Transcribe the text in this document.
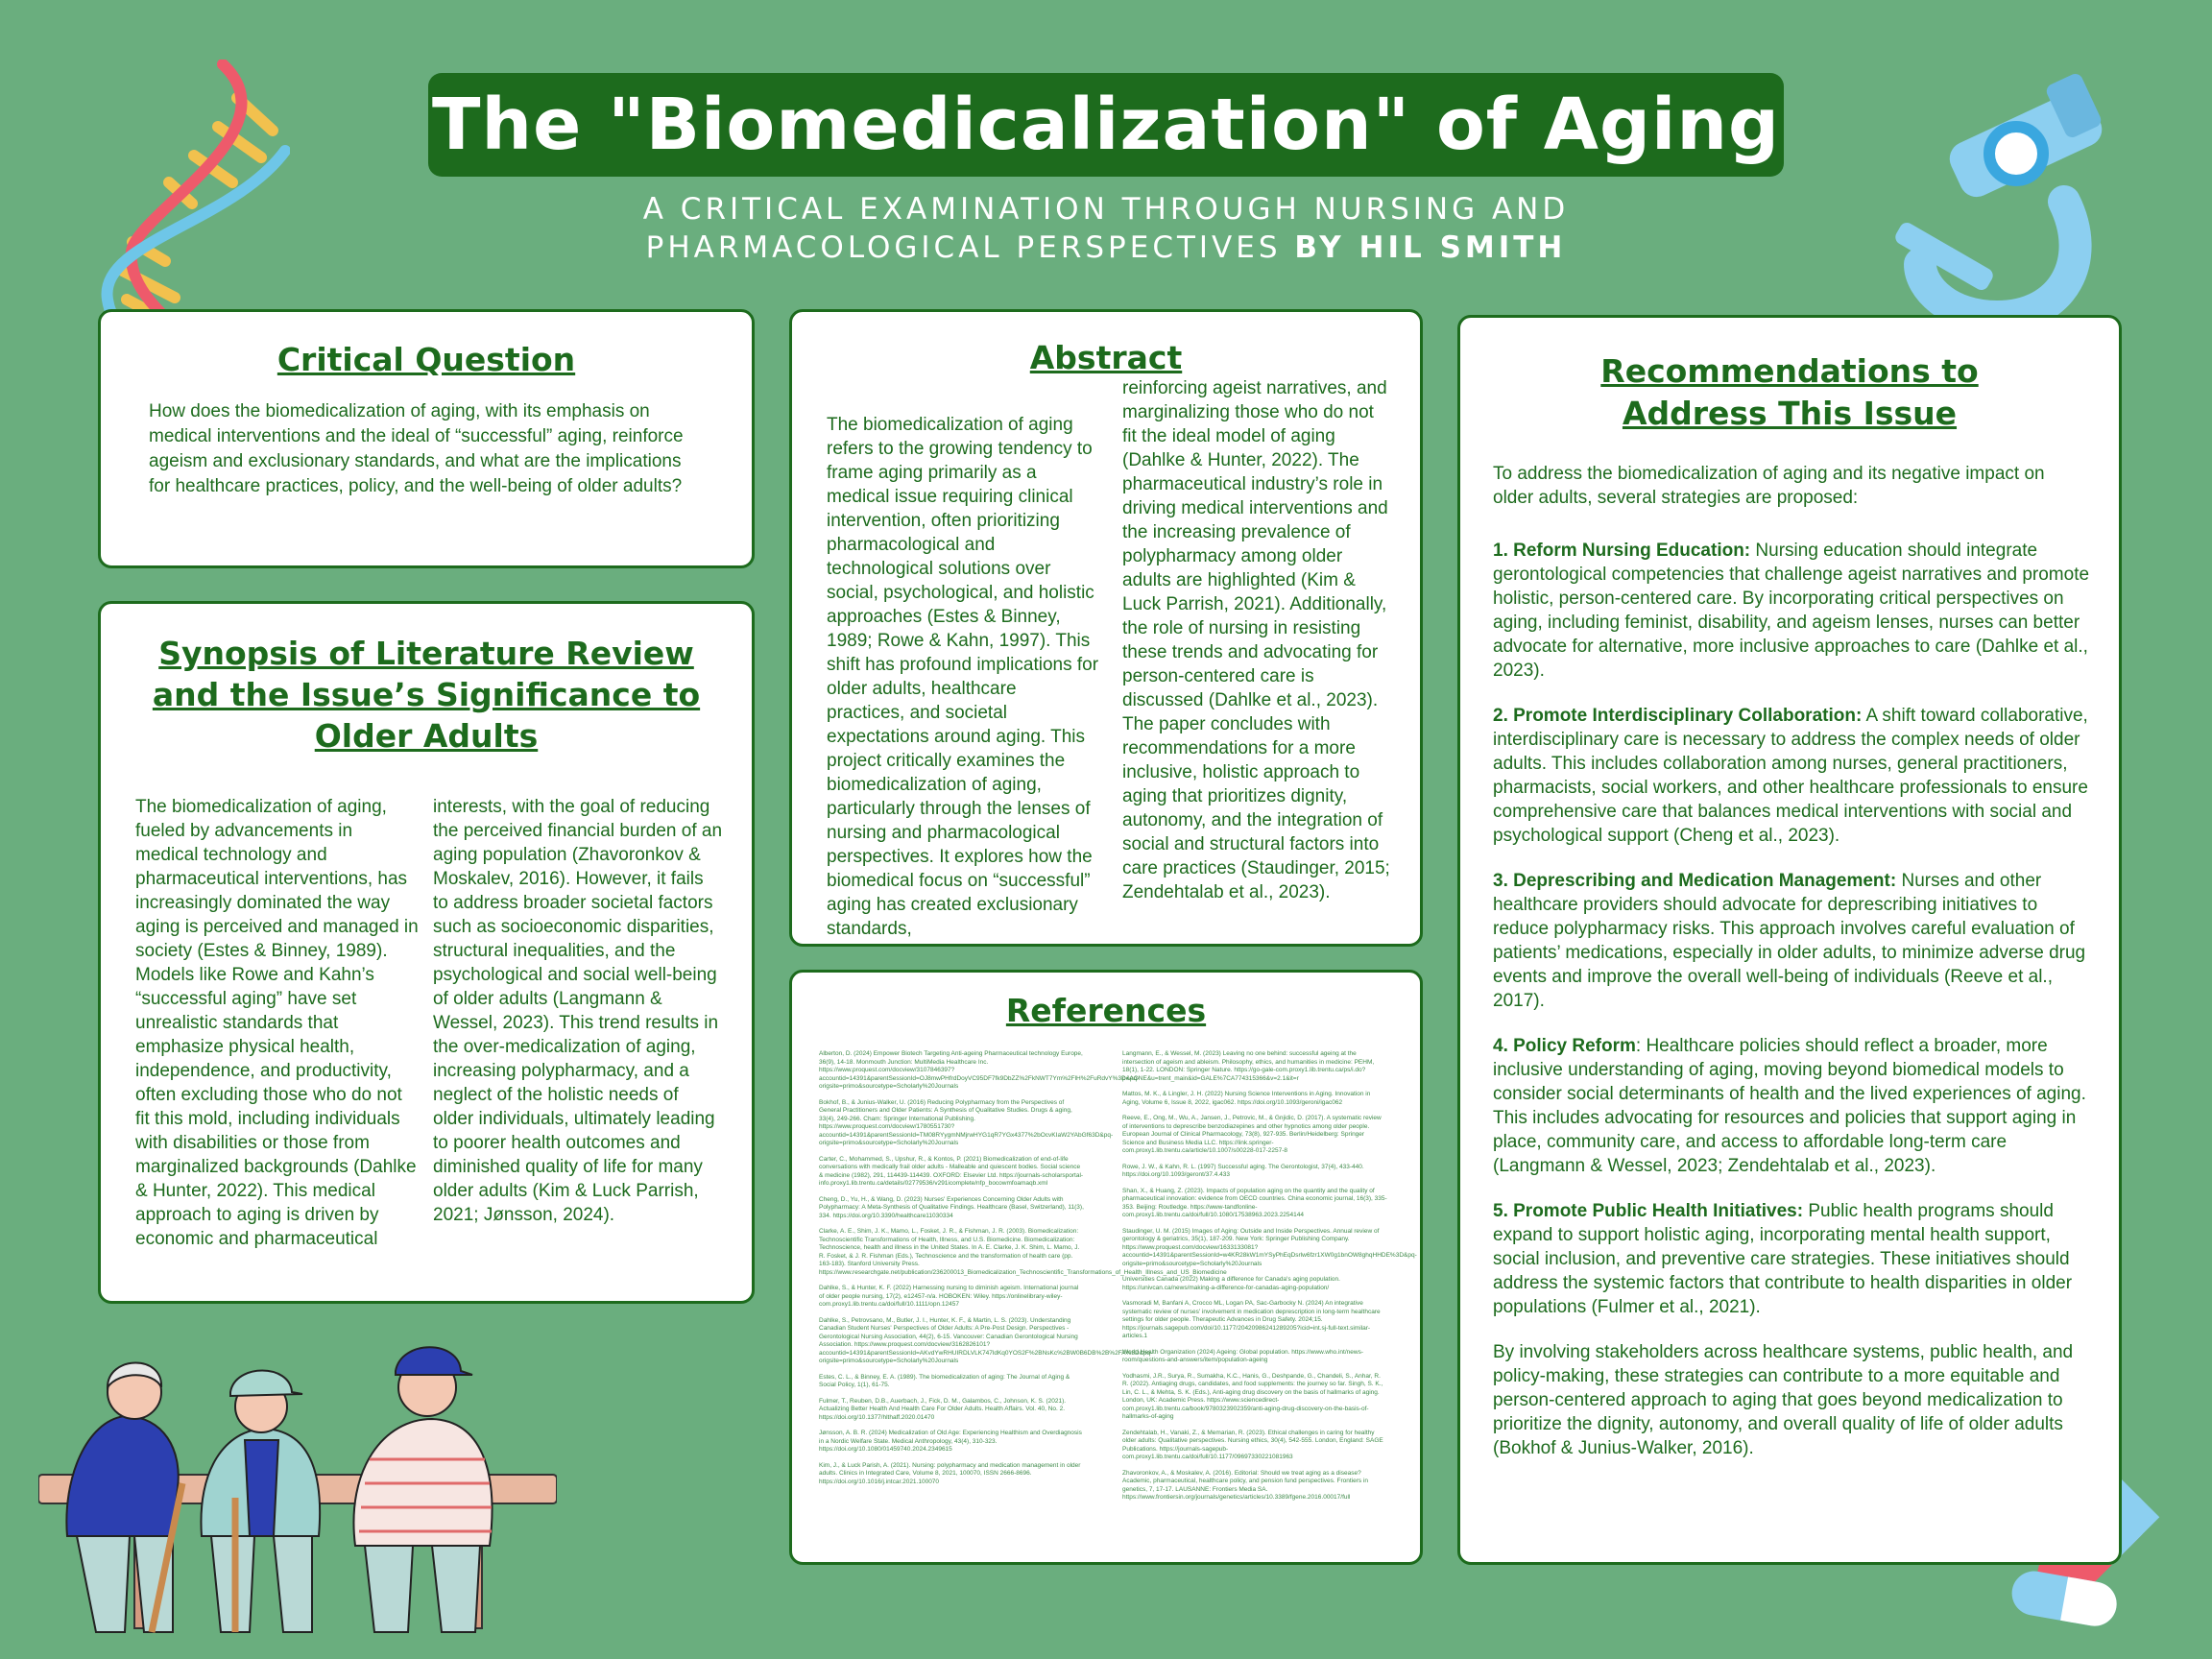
The "Biomedicalization" of Aging
A CRITICAL EXAMINATION THROUGH NURSING AND
PHARMACOLOGICAL PERSPECTIVES BY HIL SMITH
Critical Question
How does the biomedicalization of aging, with its emphasis on medical interventions and the ideal of “successful” aging, reinforce ageism and exclusionary standards, and what are the implications for healthcare practices, policy, and the well-being of older adults?
Synopsis of Literature Review
and the Issue’s Significance to
Older Adults
The biomedicalization of aging, fueled by advancements in medical technology and pharmaceutical interventions, has increasingly dominated the way aging is perceived and managed in society (Estes & Binney, 1989). Models like Rowe and Kahn’s “successful aging” have set unrealistic standards that emphasize physical health, independence, and productivity, often excluding those who do not fit this mold, including individuals with disabilities or those from marginalized backgrounds (Dahlke & Hunter, 2022). This medical approach to aging is driven by economic and pharmaceutical
interests, with the goal of reducing the perceived financial burden of an aging population (Zhavoronkov & Moskalev, 2016). However, it fails to address broader societal factors such as socioeconomic disparities, structural inequalities, and the psychological and social well-being of older adults (Langmann & Wessel, 2023). This trend results in the over-medicalization of aging, increasing polypharmacy, and a neglect of the holistic needs of older individuals, ultimately leading to poorer health outcomes and diminished quality of life for many older adults (Kim & Luck Parrish, 2021; Jønsson, 2024).
Abstract
The biomedicalization of aging refers to the growing tendency to frame aging primarily as a medical issue requiring clinical intervention, often prioritizing pharmacological and technological solutions over social, psychological, and holistic approaches (Estes & Binney, 1989; Rowe & Kahn, 1997). This shift has profound implications for older adults, healthcare practices, and societal expectations around aging. This project critically examines the biomedicalization of aging, particularly through the lenses of nursing and pharmacological perspectives. It explores how the biomedical focus on “successful” aging has created exclusionary standards,
reinforcing ageist narratives, and marginalizing those who do not fit the ideal model of aging (Dahlke & Hunter, 2022). The pharmaceutical industry’s role in driving medical interventions and the increasing prevalence of polypharmacy among older adults are highlighted (Kim & Luck Parrish, 2021). Additionally, the role of nursing in resisting these trends and advocating for person-centered care is discussed (Dahlke et al., 2023). The paper concludes with recommendations for a more inclusive, holistic approach to aging that prioritizes dignity, autonomy, and the integration of social and structural factors into care practices (Staudinger, 2015; Zendehtalab et al., 2023).
References
Alberton, D. (2024) Empower Biotech Targeting Anti-ageing Pharmaceutical technology Europe, 36(9), 14-18. Monmouth Junction: MultiMedia Healthcare Inc. https://www.proquest.com/docview/3107846397?accountid=14391&parentSessionId=OJ8mwPHfrdDoyVC95DF7fk9DbZZ%2FkNWT7Ym%2FlH%2FuRdvY%3D&pq-origsite=primo&sourcetype=Scholarly%20Journals
Bokhof, B., & Junius-Walker, U. (2016) Reducing Polypharmacy from the Perspectives of General Practitioners and Older Patients: A Synthesis of Qualitative Studies. Drugs & aging, 33(4), 249-266. Cham: Springer International Publishing. https://www.proquest.com/docview/1780551730?accountid=14391&parentSessionId=TM08RYygmNMjrwHYG1qR7YGx4377%2bOcvKIaW2YAbGf63D&pq-origsite=primo&sourcetype=Scholarly%20Journals
Carter, C., Mohammed, S., Upshur, R., & Kontos, P. (2021) Biomedicalization of end-of-life conversations with medically frail older adults - Malleable and quiescent bodies. Social science & medicine (1982), 291, 114439-114439. OXFORD: Elsevier Ltd. https://journals-scholarsportal-info.proxy1.lib.trentu.ca/details/02779536/v291icomplete/nfp_bocowmfoamaqb.xml
Cheng, D., Yu, H., & Wang, D. (2023) Nurses' Experiences Concerning Older Adults with Polypharmacy: A Meta-Synthesis of Qualitative Findings. Healthcare (Basel, Switzerland), 11(3), 334. https://doi.org/10.3390/healthcare11030334
Clarke, A. E., Shim, J. K., Mamo, L., Fosket, J. R., & Fishman, J. R. (2003). Biomedicalization: Technoscientific Transformations of Health, Illness, and U.S. Biomedicine. Biomedicalization: Technoscience, health and illness in the United States. In A. E. Clarke, J. K. Shim, L. Mamo, J. R. Fosket, & J. R. Fishman (Eds.), Technoscience and the transformation of health care (pp. 163-183). Stanford University Press. https://www.researchgate.net/publication/236200013_Biomedicalization_Technoscientific_Transformations_of_Health_Illness_and_US_Biomedicine
Dahlke, S., & Hunter, K. F. (2022) Harnessing nursing to diminish ageism. International journal of older people nursing, 17(2), e12457-n/a. HOBOKEN: Wiley. https://onlinelibrary-wiley-com.proxy1.lib.trentu.ca/doi/full/10.1111/opn.12457
Dahlke, S., Petrovsano, M., Butler, J. I., Hunter, K. F., & Martin, L. S. (2023). Understanding Canadian Student Nurses' Perspectives of Older Adults: A Pre-Post Design. Perspectives - Gerontological Nursing Association, 44(2), 6-15. Vancouver: Canadian Gerontological Nursing Association. https://www.proquest.com/docview/3162826101?accountid=14391&parentSessionId=AKvdYwRHUIRDLVLK747ldKq0YOS2F%2BNsKc%2BW0B6DB%2B%2FA%3D&pq-origsite=primo&sourcetype=Scholarly%20Journals
Estes, C. L., & Binney, E. A. (1989). The biomedicalization of aging: The Journal of Aging & Social Policy, 1(1), 61-75.
Fulmer, T., Reuben, D.B., Auerbach, J., Fick, D. M., Galambos, C., Johnson, K. S. (2021). Actualizing Better Health And Health Care For Older Adults. Health Affairs. Vol. 40, No. 2. https://doi.org/10.1377/hlthaff.2020.01470
Jønsson, A. B. R. (2024) Medicalization of Old Age: Experiencing Healthism and Overdiagnosis in a Nordic Welfare State. Medical Anthropology, 43(4), 310-323. https://doi.org/10.1080/01459740.2024.2349615
Kim, J., & Luck Parish, A. (2021). Nursing: polypharmacy and medication management in older adults. Clinics in Integrated Care, Volume 8, 2021, 100070, ISSN 2666-8696. https://doi.org/10.1016/j.intcar.2021.100070
Langmann, E., & Wessel, M. (2023) Leaving no one behind: successful ageing at the intersection of ageism and ableism. Philosophy, ethics, and humanities in medicine: PEHM, 18(1), 1-22. LONDON: Springer Nature. https://go-gale-com.proxy1.lib.trentu.ca/ps/i.do?p=AONE&u=trent_main&id=GALE%7CA774315366&v=2.1&it=r
Mattos, M. K., & Lingler, J. H. (2022) Nursing Science Interventions in Aging. Innovation in Aging, Volume 6, Issue 8, 2022, igac062. https://doi.org/10.1093/geroni/igac062
Reeve, E., Ong, M., Wu, A., Jansen, J., Petrovic, M., & Gnjidic, D. (2017). A systematic review of interventions to deprescribe benzodiazepines and other hypnotics among older people. European Journal of Clinical Pharmacology, 73(8), 927-935. Berlin/Heidelberg: Springer Science and Business Media LLC. https://link.springer-com.proxy1.lib.trentu.ca/article/10.1007/s00228-017-2257-8
Rowe, J. W., & Kahn, R. L. (1997) Successful aging. The Gerontologist, 37(4), 433-440. https://doi.org/10.1093/geront/37.4.433
Shan, X., & Huang, Z. (2023). Impacts of population aging on the quantity and the quality of pharmaceutical innovation: evidence from OECD countries. China economic journal, 16(3), 335-353. Beijing: Routledge. https://www-tandfonline-com.proxy1.lib.trentu.ca/doi/full/10.1080/17538963.2023.2254144
Staudinger, U. M. (2015) Images of Aging: Outside and Inside Perspectives. Annual review of gerontology & geriatrics, 35(1), 187-209. New York: Springer Publishing Company. https://www.proquest.com/docview/1633133081?accountid=14391&parentSessionId=w4KR28kW1mYSyPhEqDsrlw6fzr1XW0g1bnOW8ghqHHDE%3D&pq-origsite=primo&sourcetype=Scholarly%20Journals
Universities Canada (2022) Making a difference for Canada's aging population. https://univcan.ca/news/making-a-difference-for-canadas-aging-population/
Vasmoradi M, Banfani A, Crocco ML, Logan PA, Sac-Garbocky N. (2024) An integrative systematic review of nurses' involvement in medication deprescription in long-term healthcare settings for older people. Therapeutic Advances in Drug Safety. 2024;15. https://journals.sagepub.com/doi/10.1177/20420986241289205?icid=int.sj-full-text.similar-articles.1
World Health Organization (2024) Ageing: Global population. https://www.who.int/news-room/questions-and-answers/item/population-ageing
Yodhasmi, J.R., Surya, R., Sumakha, K.C., Hanis, G., Deshpande, G., Chandeli, S., Anhar, R. R. (2022). Antiaging drugs, candidates, and food supplements: the journey so far. Singh, S. K., Lin, C. L., & Mehta, S. K. (Eds.), Anti-aging drug discovery on the basis of hallmarks of aging. London, UK: Academic Press. https://www.sciencedirect-com.proxy1.lib.trentu.ca/book/9780323902359/anti-aging-drug-discovery-on-the-basis-of-hallmarks-of-aging
Zendehtalab, H., Vanaki, Z., & Memarian, R. (2023). Ethical challenges in caring for healthy older adults: Qualitative perspectives. Nursing ethics, 30(4), 542-555. London, England: SAGE Publications. https://journals-sagepub-com.proxy1.lib.trentu.ca/doi/full/10.1177/09697330221081963
Zhavoronkov, A., & Moskalev, A. (2016). Editorial: Should we treat aging as a disease? Academic, pharmaceutical, healthcare policy, and pension fund perspectives. Frontiers in genetics, 7, 17-17. LAUSANNE: Frontiers Media SA. https://www.frontiersin.org/journals/genetics/articles/10.3389/fgene.2016.00017/full
Recommendations to
Address This Issue

To address the biomedicalization of aging and its negative impact on older adults, several strategies are proposed:

1. Reform Nursing Education: Nursing education should integrate gerontological competencies that challenge ageist narratives and promote holistic, person-centered care. By incorporating critical perspectives on aging, including feminist, disability, and ageism lenses, nurses can better advocate for alternative, more inclusive approaches to care (Dahlke et al., 2023).

2. Promote Interdisciplinary Collaboration: A shift toward collaborative, interdisciplinary care is necessary to address the complex needs of older adults. This includes collaboration among nurses, general practitioners, pharmacists, social workers, and other healthcare professionals to ensure comprehensive care that balances medical interventions with social and psychological support (Cheng et al., 2023).

3. Deprescribing and Medication Management: Nurses and other healthcare providers should advocate for deprescribing initiatives to reduce polypharmacy risks. This approach involves careful evaluation of patients’ medications, especially in older adults, to minimize adverse drug events and improve the overall well-being of individuals (Reeve et al., 2017).

4. Policy Reform: Healthcare policies should reflect a broader, more inclusive understanding of aging, moving beyond biomedical models to consider social determinants of health and the lived experiences of aging. This includes advocating for resources and policies that support aging in place, community care, and access to affordable long-term care (Langmann & Wessel, 2023; Zendehtalab et al., 2023).

5. Promote Public Health Initiatives: Public health programs should expand to support holistic aging, incorporating mental health support, social inclusion, and preventive care strategies. These initiatives should address the systemic factors that contribute to health disparities in older populations (Fulmer et al., 2021).

By involving stakeholders across healthcare systems, public health, and policy-making, these strategies can contribute to a more equitable and person-centered approach to aging that goes beyond medicalization to prioritize the dignity, autonomy, and overall quality of life of older adults (Bokhof & Junius-Walker, 2016).
